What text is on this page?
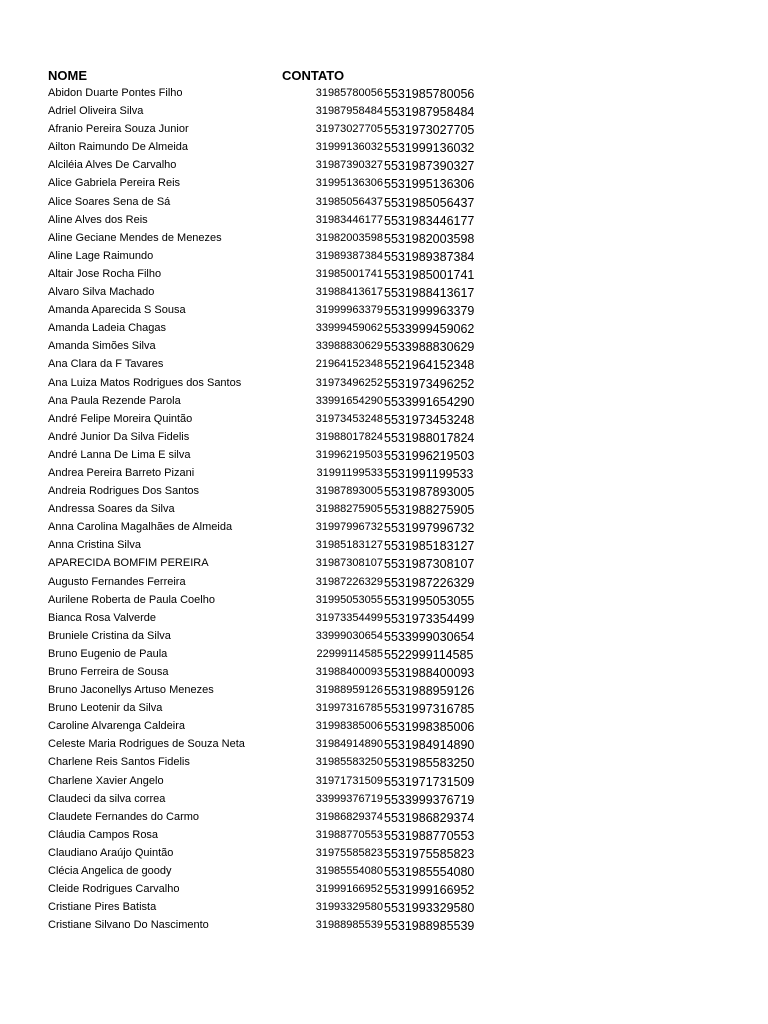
NOME	CONTATO
Abidon Duarte Pontes Filho	31985780056 5531985780056
Adriel Oliveira Silva	31987958484 5531987958484
Afranio Pereira Souza Junior	31973027705 5531973027705
Ailton Raimundo De Almeida	31999136032 5531999136032
Alciléia Alves De Carvalho	31987390327 5531987390327
Alice Gabriela Pereira Reis	31995136306 5531995136306
Alice Soares Sena de Sá	31985056437 5531985056437
Aline Alves dos Reis	31983446177 5531983446177
Aline Geciane Mendes de Menezes	31982003598 5531982003598
Aline Lage Raimundo	31989387384 5531989387384
Altair Jose Rocha Filho	31985001741 5531985001741
Alvaro Silva Machado	31988413617 5531988413617
Amanda Aparecida S Sousa	31999963379 5531999963379
Amanda Ladeia Chagas	33999459062 5533999459062
Amanda Simões Silva	33988830629 5533988830629
Ana Clara da F Tavares	21964152348 5521964152348
Ana Luiza Matos Rodrigues dos Santos	31973496252 5531973496252
Ana Paula Rezende Parola	33991654290 5533991654290
André Felipe Moreira Quintão	31973453248 5531973453248
André Junior Da Silva Fidelis	31988017824 5531988017824
André Lanna De Lima E silva	31996219503 5531996219503
Andrea Pereira Barreto Pizani	31991199533 5531991199533
Andreia Rodrigues Dos Santos	31987893005 5531987893005
Andressa Soares da Silva	31988275905 5531988275905
Anna Carolina Magalhães de Almeida	31997996732 5531997996732
Anna Cristina Silva	31985183127 5531985183127
APARECIDA BOMFIM PEREIRA	31987308107 5531987308107
Augusto Fernandes Ferreira	31987226329 5531987226329
Aurilene Roberta de Paula Coelho	31995053055 5531995053055
Bianca Rosa Valverde	31973354499 5531973354499
Bruniele Cristina da Silva	33999030654 5533999030654
Bruno Eugenio de Paula	22999114585 5522999114585
Bruno Ferreira de Sousa	31988400093 5531988400093
Bruno Jaconellys Artuso Menezes	31988959126 5531988959126
Bruno Leotenir da Silva	31997316785 5531997316785
Caroline Alvarenga Caldeira	31998385006 5531998385006
Celeste Maria Rodrigues de Souza Neta	31984914890 5531984914890
Charlene Reis Santos Fidelis	31985583250 5531985583250
Charlene Xavier Angelo	31971731509 5531971731509
Claudeci da silva correa	33999376719 5533999376719
Claudete Fernandes do Carmo	31986829374 5531986829374
Cláudia Campos Rosa	31988770553 5531988770553
Claudiano Araújo Quintão	31975585823 5531975585823
Clécia Angelica de goody	31985554080 5531985554080
Cleide Rodrigues Carvalho	31999166952 5531999166952
Cristiane Pires Batista	31993329580 5531993329580
Cristiane Silvano Do Nascimento	31988985539 5531988985539
